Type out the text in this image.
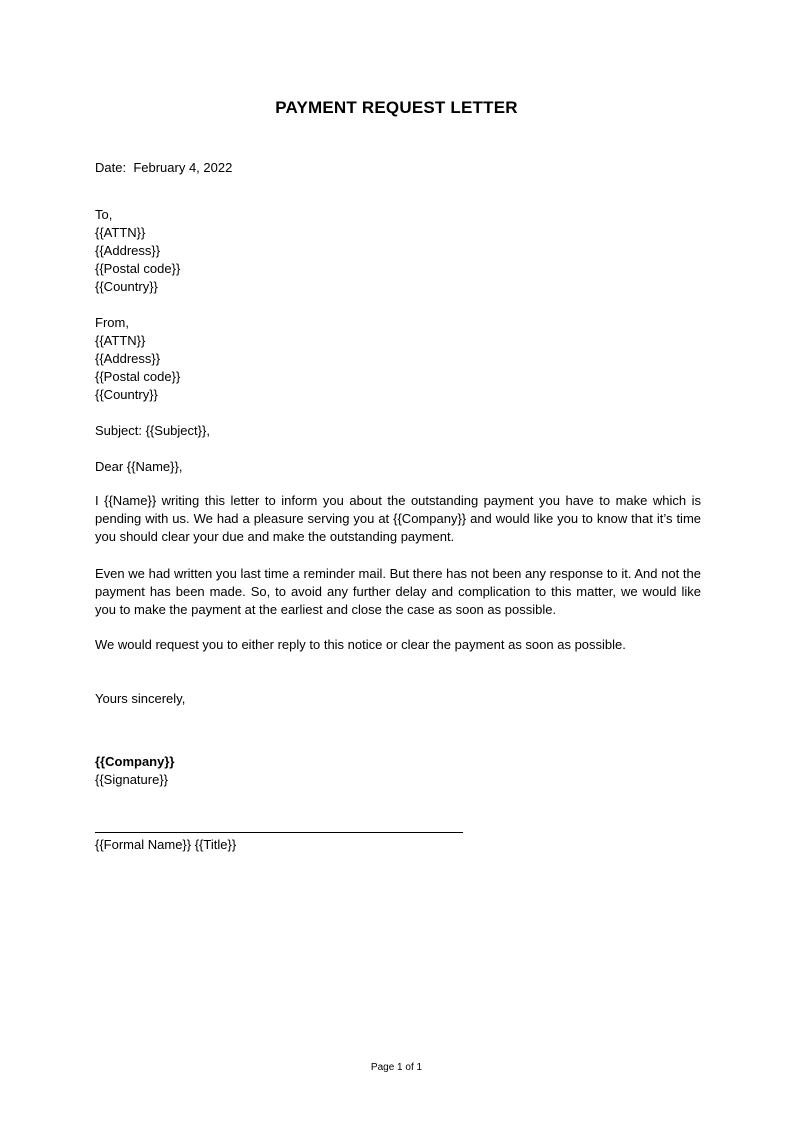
PAYMENT REQUEST LETTER
Date: February 4, 2022
To,
{{ATTN}}
{{Address}}
{{Postal code}}
{{Country}}
From,
{{ATTN}}
{{Address}}
{{Postal code}}
{{Country}}
Subject: {{Subject}},
Dear {{Name}},
I {{Name}} writing this letter to inform you about the outstanding payment you have to make which is pending with us. We had a pleasure serving you at {{Company}} and would like you to know that it’s time you should clear your due and make the outstanding payment.
Even we had written you last time a reminder mail. But there has not been any response to it. And not the payment has been made. So, to avoid any further delay and complication to this matter, we would like you to make the payment at the earliest and close the case as soon as possible.
We would request you to either reply to this notice or clear the payment as soon as possible.
Yours sincerely,
{{Company}}
{{Signature}}
{{Formal Name}} {{Title}}
Page 1 of 1
